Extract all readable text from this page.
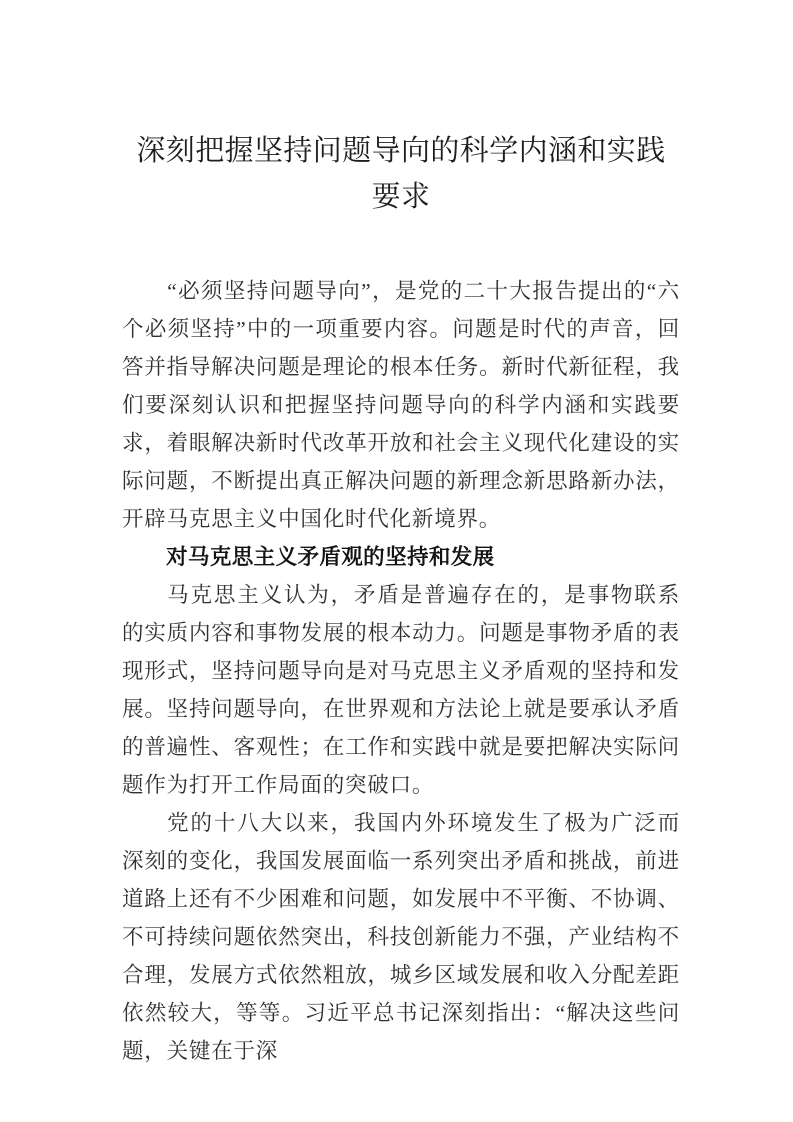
深刻把握坚持问题导向的科学内涵和实践要求

“必须坚持问题导向”，是党的二十大报告提出的“六个必须坚持”中的一项重要内容。问题是时代的声音，回答并指导解决问题是理论的根本任务。新时代新征程，我们要深刻认识和把握坚持问题导向的科学内涵和实践要求，着眼解决新时代改革开放和社会主义现代化建设的实际问题，不断提出真正解决问题的新理念新思路新办法，开辟马克思主义中国化时代化新境界。

对马克思主义矛盾观的坚持和发展

马克思主义认为，矛盾是普遍存在的，是事物联系的实质内容和事物发展的根本动力。问题是事物矛盾的表现形式，坚持问题导向是对马克思主义矛盾观的坚持和发展。坚持问题导向，在世界观和方法论上就是要承认矛盾的普遍性、客观性；在工作和实践中就是要把解决实际问题作为打开工作局面的突破口。

党的十八大以来，我国内外环境发生了极为广泛而深刻的变化，我国发展面临一系列突出矛盾和挑战，前进道路上还有不少困难和问题，如发展中不平衡、不协调、不可持续问题依然突出，科技创新能力不强，产业结构不合理，发展方式依然粗放，城乡区域发展和收入分配差距依然较大，等等。习近平总书记深刻指出：“解决这些问题，关键在于深
